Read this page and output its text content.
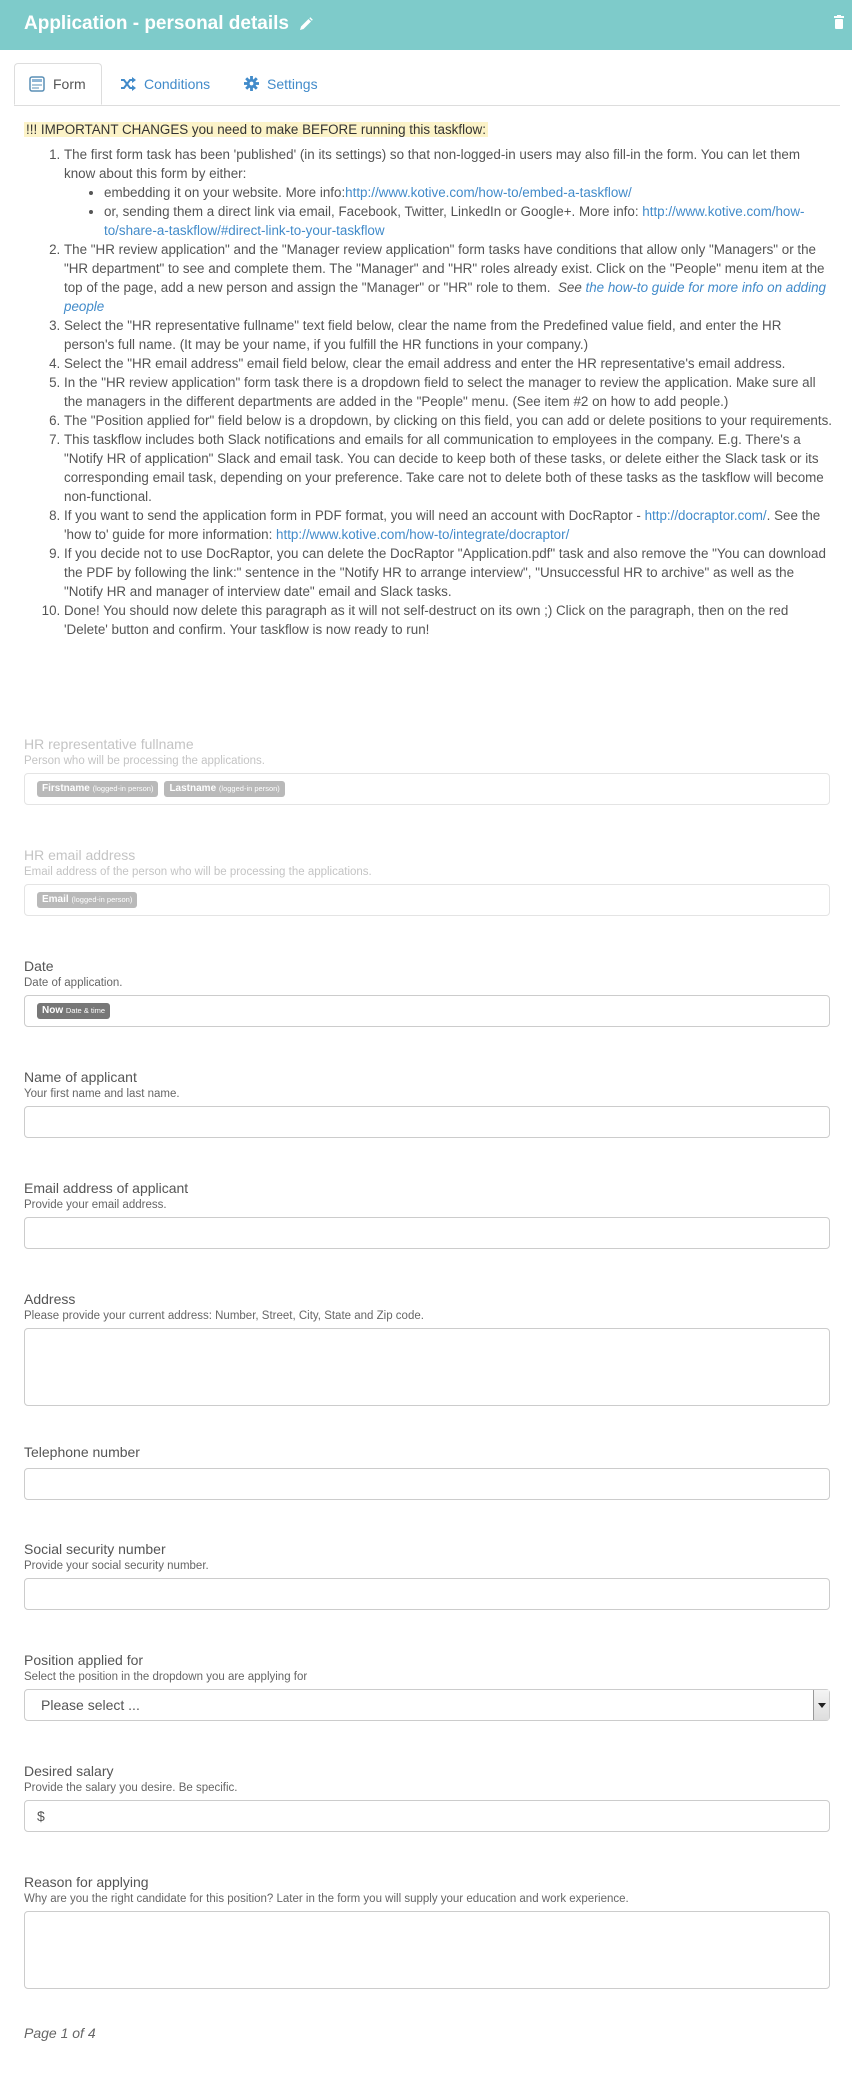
Application - personal details
Form	Conditions	Settings
!!! IMPORTANT CHANGES you need to make BEFORE running this taskflow:
1. The first form task has been 'published' (in its settings) so that non-logged-in users may also fill-in the form. You can let them know about this form by either:
• embedding it on your website. More info:http://www.kotive.com/how-to/embed-a-taskflow/
• or, sending them a direct link via email, Facebook, Twitter, LinkedIn or Google+. More info: http://www.kotive.com/how-to/share-a-taskflow/#direct-link-to-your-taskflow
2. The "HR review application" and the "Manager review application" form tasks have conditions that allow only "Managers" or the "HR department" to see and complete them. The "Manager" and "HR" roles already exist. Click on the "People" menu item at the top of the page, add a new person and assign the "Manager" or "HR" role to them. See the how-to guide for more info on adding people
3. Select the "HR representative fullname" text field below, clear the name from the Predefined value field, and enter the HR person's full name. (It may be your name, if you fulfill the HR functions in your company.)
4. Select the "HR email address" email field below, clear the email address and enter the HR representative's email address.
5. In the "HR review application" form task there is a dropdown field to select the manager to review the application. Make sure all the managers in the different departments are added in the "People" menu. (See item #2 on how to add people.)
6. The "Position applied for" field below is a dropdown, by clicking on this field, you can add or delete positions to your requirements.
7. This taskflow includes both Slack notifications and emails for all communication to employees in the company. E.g. There's a "Notify HR of application" Slack and email task. You can decide to keep both of these tasks, or delete either the Slack task or its corresponding email task, depending on your preference. Take care not to delete both of these tasks as the taskflow will become non-functional.
8. If you want to send the application form in PDF format, you will need an account with DocRaptor - http://docraptor.com/. See the 'how to' guide for more information: http://www.kotive.com/how-to/integrate/docraptor/
9. If you decide not to use DocRaptor, you can delete the DocRaptor "Application.pdf" task and also remove the "You can download the PDF by following the link:" sentence in the "Notify HR to arrange interview", "Unsuccessful HR to archive" as well as the "Notify HR and manager of interview date" email and Slack tasks.
10. Done! You should now delete this paragraph as it will not self-destruct on its own ;) Click on the paragraph, then on the red 'Delete' button and confirm. Your taskflow is now ready to run!
HR representative fullname
Person who will be processing the applications.
Firstname (logged-in person)	Lastname (logged-in person)
HR email address
Email address of the person who will be processing the applications.
Email (logged-in person)
Date
Date of application.
Now Date & time
Name of applicant
Your first name and last name.
Email address of applicant
Provide your email address.
Address
Please provide your current address: Number, Street, City, State and Zip code.
Telephone number
Social security number
Provide your social security number.
Position applied for
Select the position in the dropdown you are applying for
Please select ...
Desired salary
Provide the salary you desire. Be specific.
$
Reason for applying
Why are you the right candidate for this position? Later in the form you will supply your education and work experience.
Page 1 of 4
